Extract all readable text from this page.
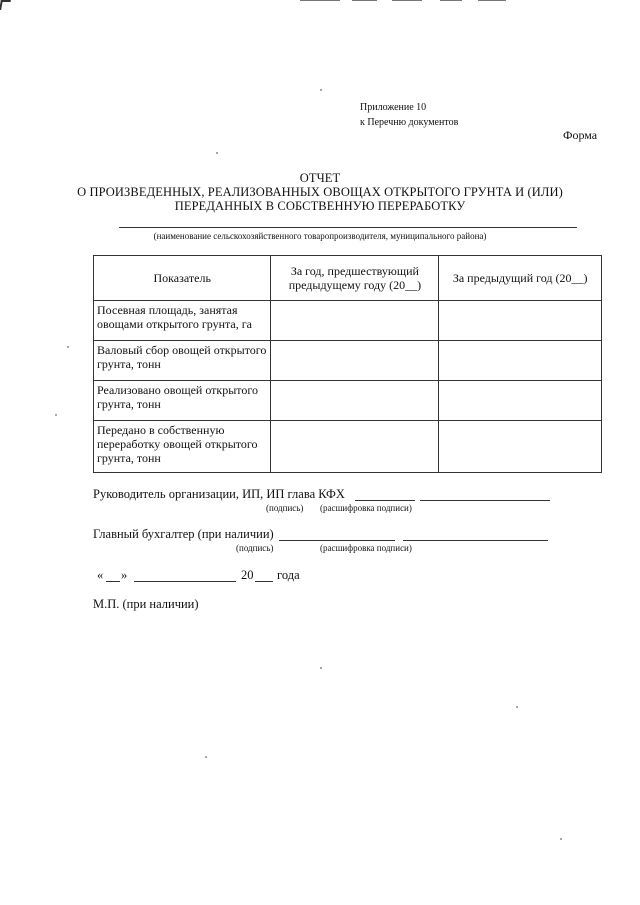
Приложение 10
к Перечню документов
Форма
ОТЧЕТ
О ПРОИЗВЕДЕННЫХ, РЕАЛИЗОВАННЫХ ОВОЩАХ ОТКРЫТОГО ГРУНТА И (ИЛИ)
ПЕРЕДАННЫХ В СОБСТВЕННУЮ ПЕРЕРАБОТКУ
(наименование сельскохозяйственного товаропроизводителя, муниципального района)
Показатель	За год, предшествующий предыдущему году (20__)	За предыдущий год (20__)
Посевная площадь, занятая овощами открытого грунта, га		
Валовый сбор овощей открытого грунта, тонн		
Реализовано овощей открытого грунта, тонн		
Передано в собственную переработку овощей открытого грунта, тонн		
Руководитель организации, ИП, ИП глава КФХ
(подпись) (расшифровка подписи)
Главный бухгалтер (при наличии)
(подпись)	(расшифровка подписи)
« »	20 года
М.П. (при наличии)
